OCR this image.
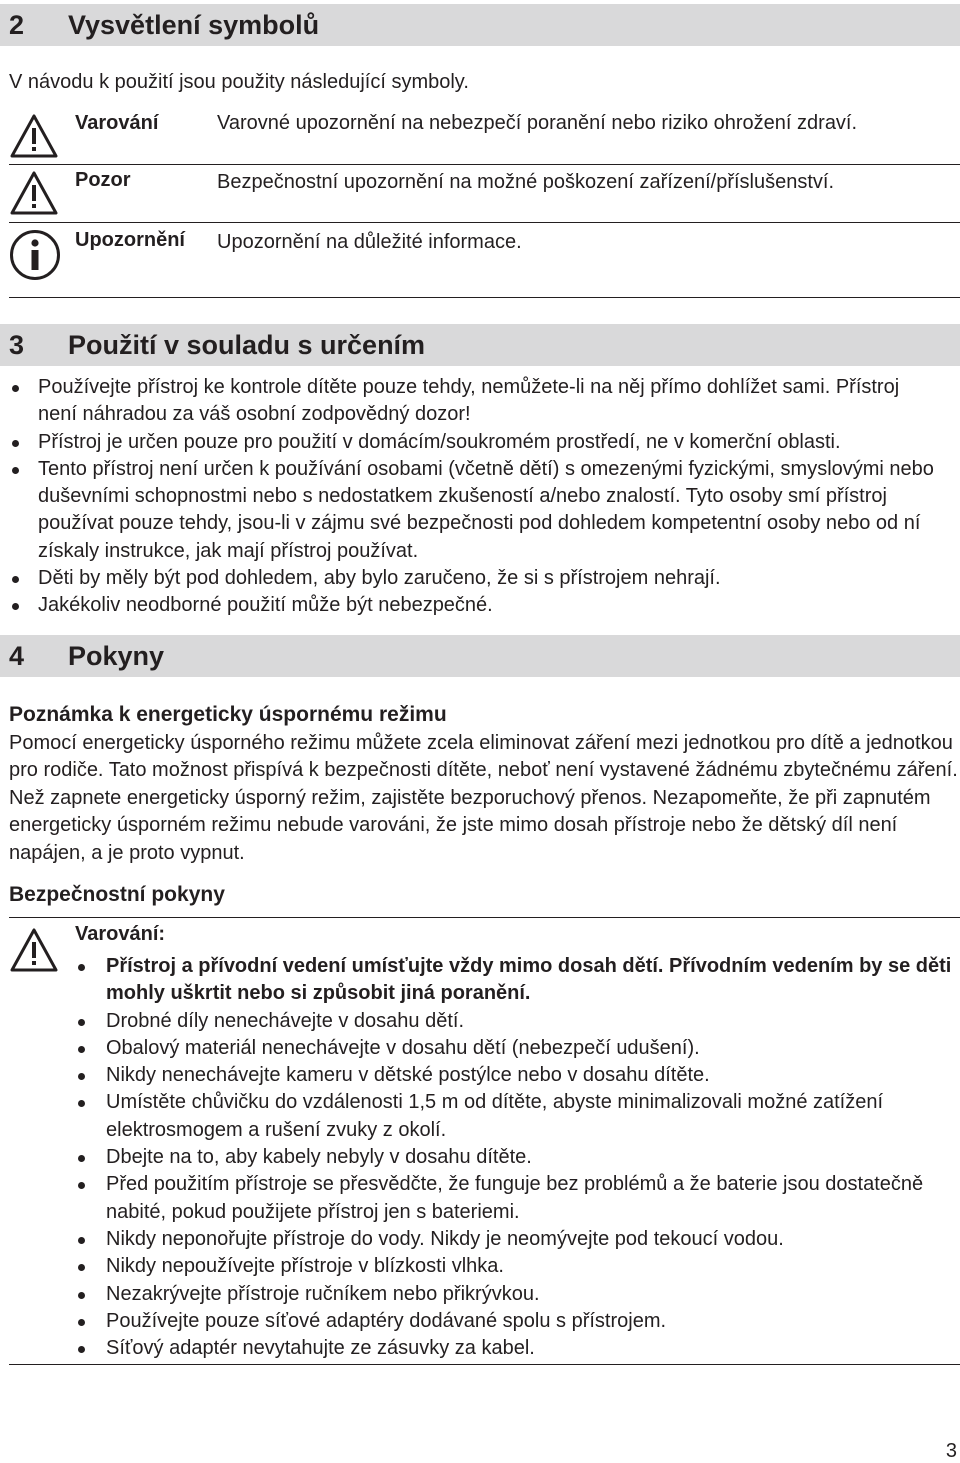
2 Vysvětlení symbolů
V návodu k použití jsou použity následující symboly.
Varování	Varovné upozornění na nebezpečí poranění nebo riziko ohrožení zdraví.
Pozor	Bezpečnostní upozornění na možné poškození zařízení/příslušenství.
Upozornění Upozornění na důležité informace.
3 Použití v souladu s určením
Používejte přístroj ke kontrole dítěte pouze tehdy, nemůžete-li na něj přímo dohlížet sami. Přístroj není náhradou za váš osobní zodpovědný dozor!
Přístroj je určen pouze pro použití v domácím/soukromém prostředí, ne v komerční oblasti.
Tento přístroj není určen k používání osobami (včetně dětí) s omezenými fyzickými, smyslovými nebo duševními schopnostmi nebo s nedostatkem zkušeností a/nebo znalostí. Tyto osoby smí přístroj používat pouze tehdy, jsou-li v zájmu své bezpečnosti pod dohledem kompetentní osoby nebo od ní získaly instrukce, jak mají přístroj používat.
Děti by měly být pod dohledem, aby bylo zaručeno, že si s přístrojem nehrají.
Jakékoliv neodborné použití může být nebezpečné.
4 Pokyny
Poznámka k energeticky úspornému režimu
Pomocí energeticky úsporného režimu můžete zcela eliminovat záření mezi jednotkou pro dítě a jednotkou pro rodiče. Tato možnost přispívá k bezpečnosti dítěte, neboť není vystavené žádnému zbytečnému záření. Než zapnete energeticky úsporný režim, zajistěte bezporuchový přenos. Nezapomeňte, že při zapnutém energeticky úsporném režimu nebude varováni, že jste mimo dosah přístroje nebo že dětský díl není napájen, a je proto vypnut.
Bezpečnostní pokyny
Varování:
Přístroj a přívodní vedení umísťujte vždy mimo dosah dětí. Přívodním vedením by se děti mohly uškrtit nebo si způsobit jiná poranění.
Drobné díly nenechávejte v dosahu dětí.
Obalový materiál nenechávejte v dosahu dětí (nebezpečí udušení).
Nikdy nenechávejte kameru v dětské postýlce nebo v dosahu dítěte.
Umístěte chůvičku do vzdálenosti 1,5 m od dítěte, abyste minimalizovali možné zatížení elektrosmogem a rušení zvuky z okolí.
Dbejte na to, aby kabely nebyly v dosahu dítěte.
Před použitím přístroje se přesvědčte, že funguje bez problémů a že baterie jsou dostatečně nabité, pokud použijete přístroj jen s bateriemi.
Nikdy neponořujte přístroje do vody. Nikdy je neomývejte pod tekoucí vodou.
Nikdy nepoužívejte přístroje v blízkosti vlhka.
Nezakrývejte přístroje ručníkem nebo přikrývkou.
Používejte pouze síťové adaptéry dodávané spolu s přístrojem.
Síťový adaptér nevytahujte ze zásuvky za kabel.
3
